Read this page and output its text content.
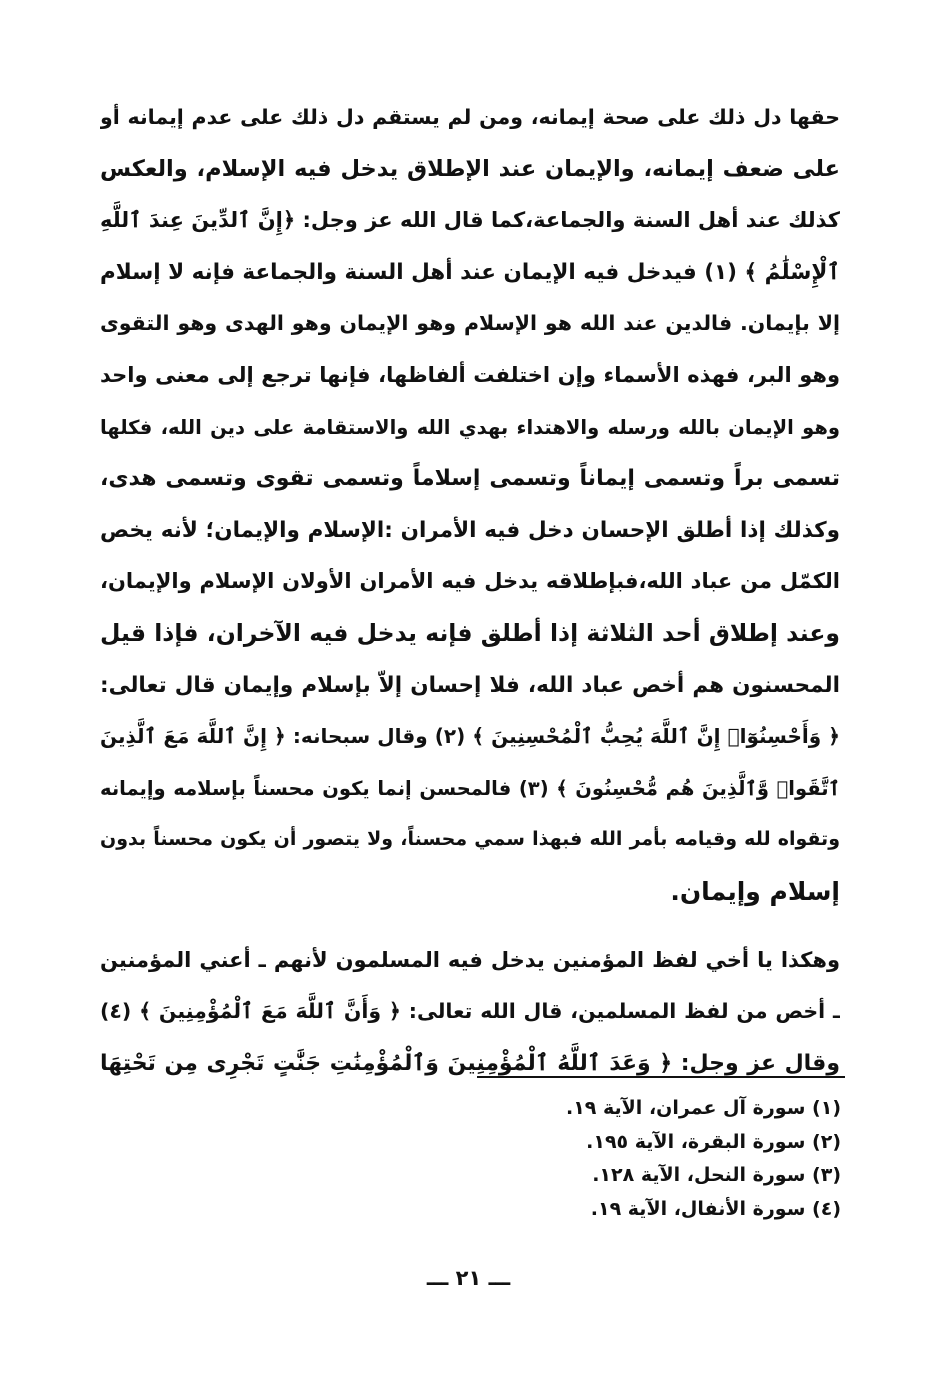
حقها دل ذلك على صحة إيمانه، ومن لم يستقم دل ذلك على عدم إيمانه أو
على ضعف إيمانه، والإيمان عند الإطلاق يدخل فيه الإسلام، والعكس
كذلك عند أهل السنة والجماعة،كما قال الله عز وجل: ﴿إِنَّ ٱلدِّينَ عِندَ ٱللَّهِ
ٱلْإِسْلَٰمُ ﴾ (١) فيدخل فيه الإيمان عند أهل السنة والجماعة فإنه لا إسلام
إلا بإيمان. فالدين عند الله هو الإسلام وهو الإيمان وهو الهدى وهو التقوى
وهو البر، فهذه الأسماء وإن اختلفت ألفاظها، فإنها ترجع إلى معنى واحد
وهو الإيمان بالله ورسله والاهتداء بهدي الله والاستقامة على دين الله، فكلها
تسمى براً وتسمى إيماناً وتسمى إسلاماً وتسمى تقوى وتسمى هدى،
وكذلك إذا أطلق الإحسان دخل فيه الأمران :الإسلام والإيمان؛ لأنه يخص
الكمّل من عباد الله،فبإطلاقه يدخل فيه الأمران الأولان الإسلام والإيمان،
وعند إطلاق أحد الثلاثة إذا أطلق فإنه يدخل فيه الآخران، فإذا قيل
المحسنون هم أخص عباد الله، فلا إحسان إلاّ بإسلام وإيمان قال تعالى:
﴿ وَأَحْسِنُوٓا۟ إِنَّ ٱللَّهَ يُحِبُّ ٱلْمُحْسِنِينَ ﴾ (٢) وقال سبحانه: ﴿ إِنَّ ٱللَّهَ مَعَ ٱلَّذِينَ
ٱتَّقَوا۟ وَّٱلَّذِينَ هُم مُّحْسِنُونَ ﴾ (٣) فالمحسن إنما يكون محسناً بإسلامه وإيمانه
وتقواه لله وقيامه بأمر الله فبهذا سمي محسناً، ولا يتصور أن يكون محسناً بدون
إسلام وإيمان.
وهكذا يا أخي لفظ المؤمنين يدخل فيه المسلمون لأنهم ـ أعني المؤمنين
ـ أخص من لفظ المسلمين، قال الله تعالى: ﴿ وَأَنَّ ٱللَّهَ مَعَ ٱلْمُؤْمِنِينَ ﴾ (٤)
وقال عز وجل: ﴿ وَعَدَ ٱللَّهُ ٱلْمُؤْمِنِينَ وَٱلْمُؤْمِنَٰتِ جَنَّٰتٍ تَجْرِى مِن تَحْتِهَا
(١) سورة آل عمران، الآية ١٩.
(٢) سورة البقرة، الآية ١٩٥.
(٣) سورة النحل، الآية ١٢٨.
(٤) سورة الأنفال، الآية ١٩.
ـــ ٢١ ـــ
